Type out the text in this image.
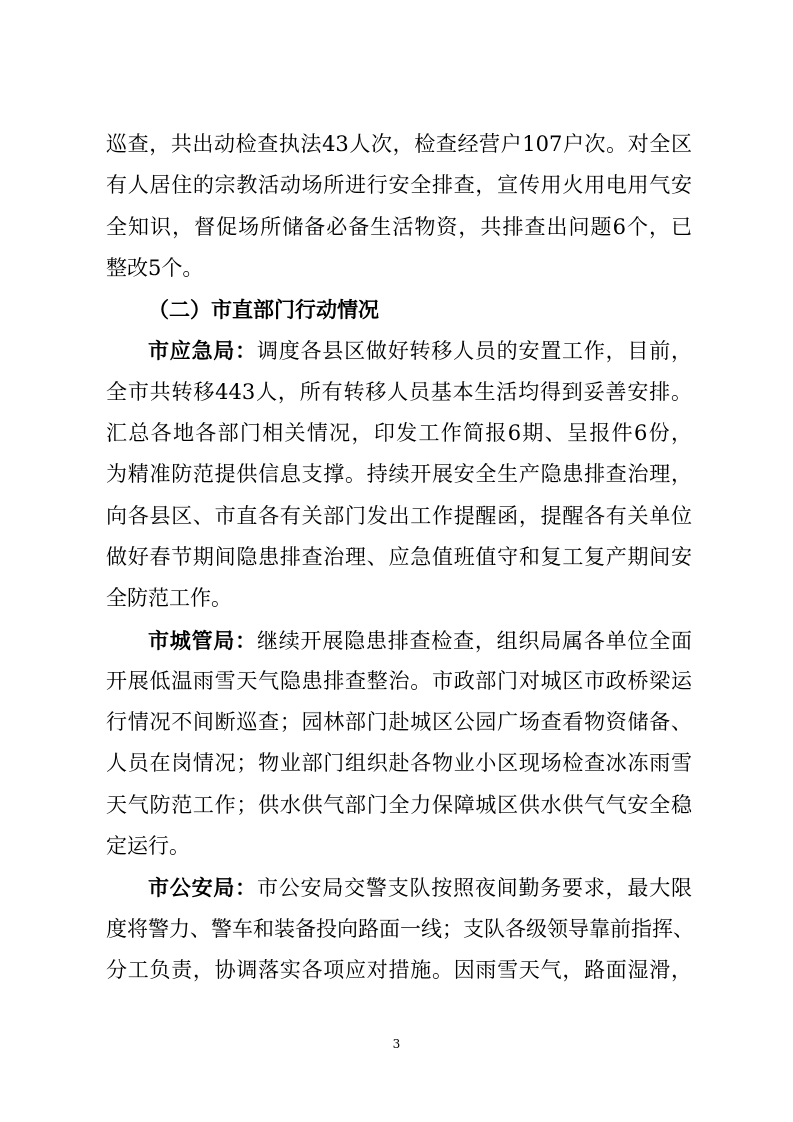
巡查，共出动检查执法43人次，检查经营户107户次。对全区
有人居住的宗教活动场所进行安全排查，宣传用火用电用气安
全知识，督促场所储备必备生活物资，共排查出问题6个，已
整改5个。
（二）市直部门行动情况
市应急局：调度各县区做好转移人员的安置工作，目前，
全市共转移443人，所有转移人员基本生活均得到妥善安排。
汇总各地各部门相关情况，印发工作简报6期、呈报件6份，
为精准防范提供信息支撑。持续开展安全生产隐患排查治理，
向各县区、市直各有关部门发出工作提醒函，提醒各有关单位
做好春节期间隐患排查治理、应急值班值守和复工复产期间安
全防范工作。
市城管局：继续开展隐患排查检查，组织局属各单位全面
开展低温雨雪天气隐患排查整治。市政部门对城区市政桥梁运
行情况不间断巡查；园林部门赴城区公园广场查看物资储备、
人员在岗情况；物业部门组织赴各物业小区现场检查冰冻雨雪
天气防范工作；供水供气部门全力保障城区供水供气气安全稳
定运行。
市公安局：市公安局交警支队按照夜间勤务要求，最大限
度将警力、警车和装备投向路面一线；支队各级领导靠前指挥、
分工负责，协调落实各项应对措施。因雨雪天气，路面湿滑，
3
